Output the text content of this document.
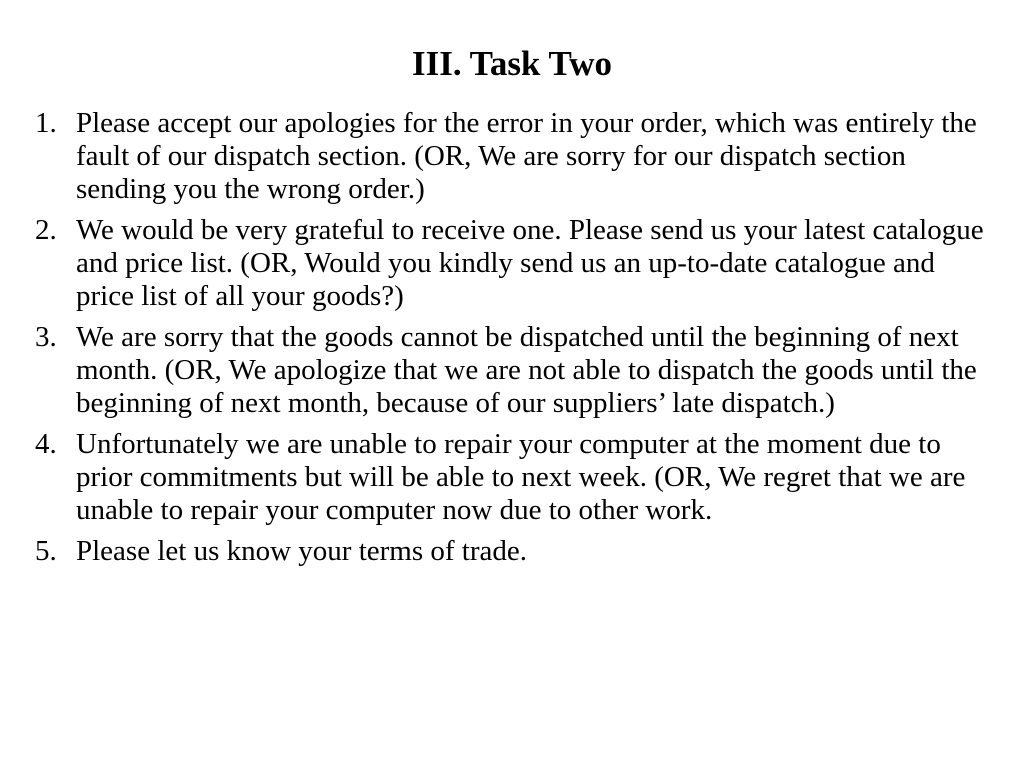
III. Task Two
1. Please accept our apologies for the error in your order, which was entirely the fault of our dispatch section. (OR, We are sorry for our dispatch section sending you the wrong order.)
2. We would be very grateful to receive one. Please send us your latest catalogue and price list. (OR, Would you kindly send us an up-to-date catalogue and price list of all your goods?)
3. We are sorry that the goods cannot be dispatched until the beginning of next month. (OR, We apologize that we are not able to dispatch the goods until the beginning of next month, because of our suppliers’ late dispatch.)
4. Unfortunately we are unable to repair your computer at the moment due to prior commitments but will be able to next week. (OR, We regret that we are unable to repair your computer now due to other work.
5. Please let us know your terms of trade.
